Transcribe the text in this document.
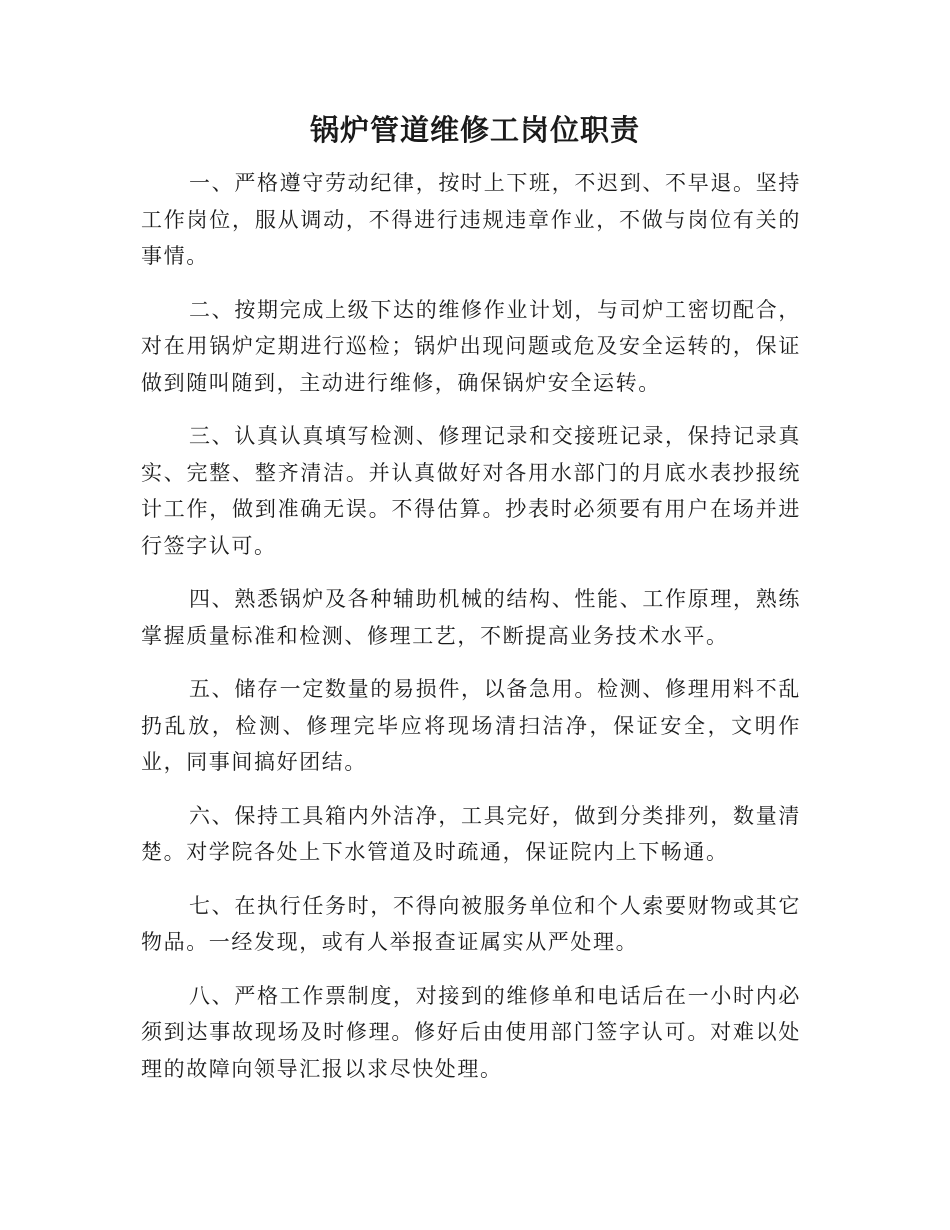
锅炉管道维修工岗位职责

一、严格遵守劳动纪律，按时上下班，不迟到、不早退。坚持工作岗位，服从调动，不得进行违规违章作业，不做与岗位有关的事情。

二、按期完成上级下达的维修作业计划，与司炉工密切配合，对在用锅炉定期进行巡检；锅炉出现问题或危及安全运转的，保证做到随叫随到，主动进行维修，确保锅炉安全运转。

三、认真认真填写检测、修理记录和交接班记录，保持记录真实、完整、整齐清洁。并认真做好对各用水部门的月底水表抄报统计工作，做到准确无误。不得估算。抄表时必须要有用户在场并进行签字认可。

四、熟悉锅炉及各种辅助机械的结构、性能、工作原理，熟练掌握质量标准和检测、修理工艺，不断提高业务技术水平。

五、储存一定数量的易损件，以备急用。检测、修理用料不乱扔乱放，检测、修理完毕应将现场清扫洁净，保证安全，文明作业，同事间搞好团结。

六、保持工具箱内外洁净，工具完好，做到分类排列，数量清楚。对学院各处上下水管道及时疏通，保证院内上下畅通。

七、在执行任务时，不得向被服务单位和个人索要财物或其它物品。一经发现，或有人举报查证属实从严处理。

八、严格工作票制度，对接到的维修单和电话后在一小时内必须到达事故现场及时修理。修好后由使用部门签字认可。对难以处理的故障向领导汇报以求尽快处理。
